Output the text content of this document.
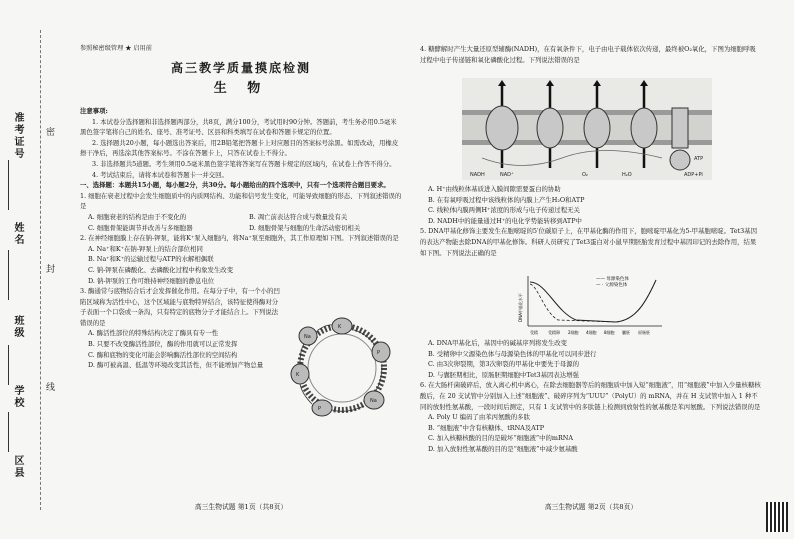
准考证号
姓名
班级
学校
区县
密
封
线
参照秘密级管理 ★ 启用前
高三教学质量摸底检测
生 物
注意事项:

1. 本试卷分选择题和非选择题两部分，共8页，满分100分，考试用时90分钟。答题前，考生务必用0.5毫米黑色签字笔将自己的姓名、座号、准考证号、区县和科类填写在试卷和答题卡规定的位置。

2. 选择题共20小题，每小题选出答案后，用2B铅笔把答题卡上对应题目的答案标号涂黑。如需改动，用橡皮擦干净后，再选涂其他答案标号。不涂在答题卡上，只答在试卷上不得分。

3. 非选择题共5道题。考生须用0.5毫米黑色签字笔将答案写在答题卡规定的区域内，在试卷上作答不得分。

4. 考试结束后，请将本试卷和答题卡一并交回。

一、选择题：本题共15小题，每小题2分，共30分。每小题给出的四个选项中，只有一个选项符合题目要求。

1. 细胞在衰老过程中会发生细胞质中的内质网结构、功能和信号发生变化，可能导致细胞的形态、下列叙述错误的是

A. 细胞衰老的结构是由于不变化的	B. 凋亡前表达符合成与数量没有关
C. 细胞骨架能调节并改善与多细胞器	D. 细胞骨架与细胞的生命活动密切相关

2. 在神经细胞膜上存在钠-钾泵，能将K⁺泵入细胞内，将Na⁺泵至细胞外，其工作原理如下图。下列叙述错误的是

A. Na⁺和K⁺在钠-钾泵上的结合部位相同
B. Na⁺和K⁺的运输过程与ATP的水解相偶联
C. 钠-钾泵在磷酸化、去磷酸化过程中构象发生改变
D. 钠-钾泵的工作可维持神经细胞的静息电位

3. 酶通常与底物结合后才会发挥催化作用。在每分子中，有一个小的凹陷区域称为活性中心，这个区域能与底物特异结合，该特征使得酶对分子表面一个口袋或一条沟，只有特定的底物分子才能结合上。下列说法错误的是

A. 酶活性部位的特殊结构决定了酶具有专一性
B. 只要不改变酶活性部位，酶的作用就可以正常发挥
C. 酶和底物的变化可能会影响酶活性部位的空间结构
D. 酶可被高温、低温等环境改变其活性，但不能增加产物总量
K
P
Na
P
K
Na
高三生物试题 第1页（共8页）

4. 糖酵解时产生大量还原型辅酶(NADH)，在有氧条件下，电子由电子载体依次传递，最终被O₂氧化，下图为细胞呼吸过程中电子传递链和氧化磷酸化过程。下列说法错误的是

NADH	NAD⁺	ADP+Pi
ATP
H₂O
O₂
A. H⁺由线粒体基质进入膜间隙需要蛋白的协助
B. 在有氧呼吸过程中该线粒体的内膜上产生H₂O和ATP
C. 线粒体内膜两侧H⁺浓度的形成与电子传递过程无关
D. NADH中的能量通过H⁺的电化学势能转移到ATP中

5. DNA甲基化修饰主要发生在胞嘧啶的5′位碳原子上，在甲基化酶的作用下，胞嘧啶甲基化为5-甲基胞嘧啶。Tet3基因的表达产物能去除DNA的甲基化修饰。科研人员研究了Tet3蛋白对小鼠早期胚胎发育过程中基因印记的去除作用，结果如下图。下列说法正确的是

—— 母源染色体
— · 父源染色体
DNA甲基化水平
受精	受精卵 2细胞 4细胞 8细胞 囊胚 原肠胚
A. DNA甲基化后，基因中的碱基序列将发生改变
B. 受精卵中父源染色体与母源染色体的甲基化可以同步进行
C. 由3次卵裂期，第3次卵裂的甲基化中要先于母源的
D. 与囊胚期相比，原肠胚期细胞中Tet3基因表达增强

6. 在大肠杆菌破碎后，放入离心机中离心，在除去细胞器等后的细胞质中加入短“细胞液”，用“细胞液”中加入少量核糖核酸后，在 20 支试管中分别加入上述“细胞液”、破碎序列为“UUU”（PolyU）的 mRNA，并在 H 支试管中加入 1 种不同的放射性氨基酸，一段时间后测定，只有 1 支试管中的多肽链上检测到放射性的氨基酸是苯丙氨酸。下列说法错误的是

A. Poly U 编码了由苯丙氨酸的多肽
B. “细胞液”中含有核糖体、tRNA及ATP
C. 加入核糖核酸的目的是破坏“细胞液”中的mRNA
D. 加入放射性氨基酸的目的是“细胞液”中减少氨基酸
高三生物试题 第2页（共8页）
